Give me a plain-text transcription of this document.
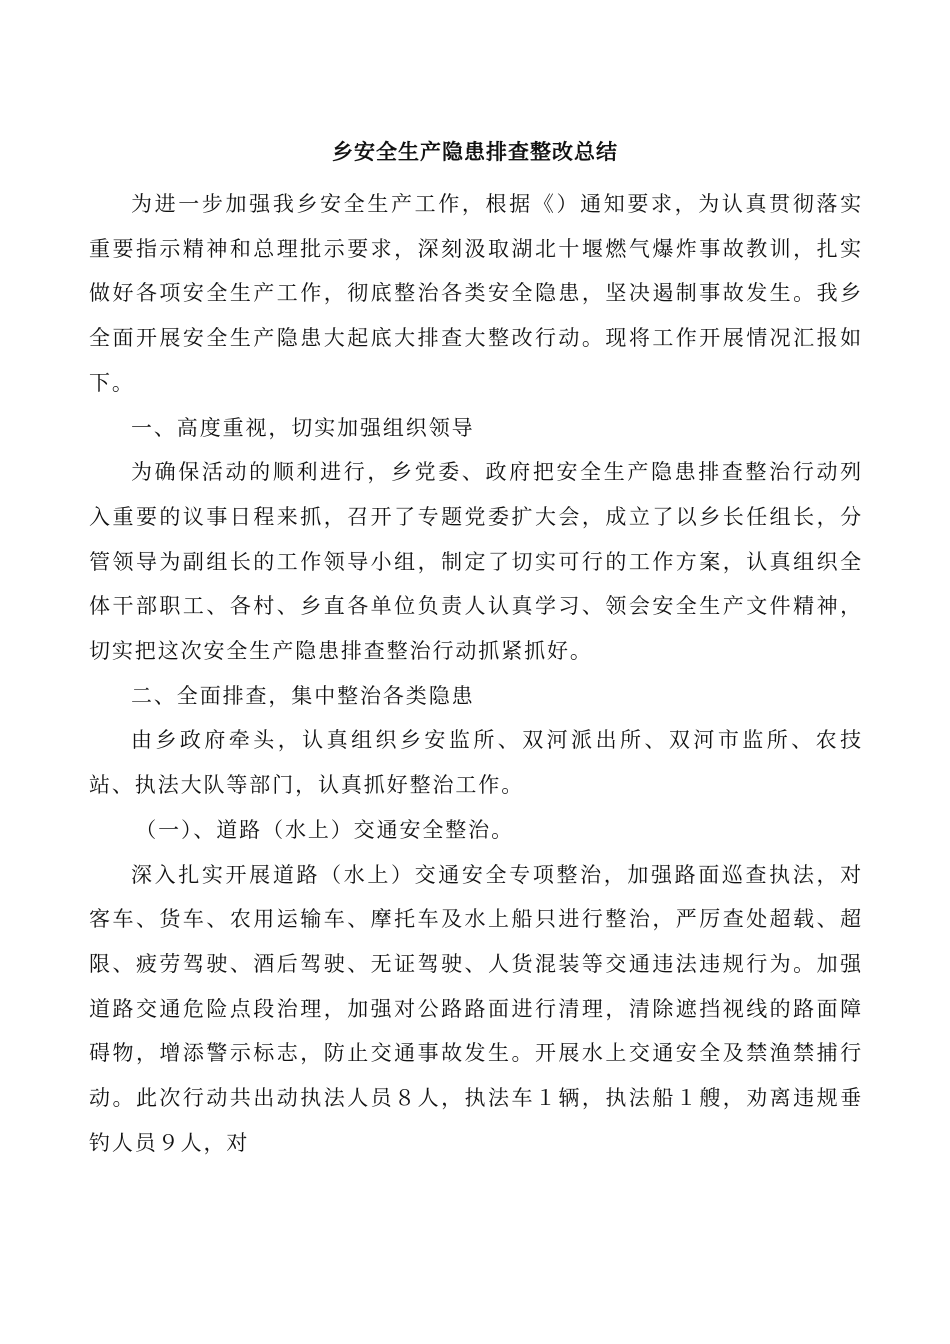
乡安全生产隐患排查整改总结

为进一步加强我乡安全生产工作，根据《）通知要求，为认真贯彻落实重要指示精神和总理批示要求，深刻汲取湖北十堰燃气爆炸事故教训，扎实做好各项安全生产工作，彻底整治各类安全隐患，坚决遏制事故发生。我乡全面开展安全生产隐患大起底大排查大整改行动。现将工作开展情况汇报如下。

一、高度重视，切实加强组织领导

为确保活动的顺利进行，乡党委、政府把安全生产隐患排查整治行动列入重要的议事日程来抓，召开了专题党委扩大会，成立了以乡长任组长，分管领导为副组长的工作领导小组，制定了切实可行的工作方案，认真组织全体干部职工、各村、乡直各单位负责人认真学习、领会安全生产文件精神，切实把这次安全生产隐患排查整治行动抓紧抓好。

二、全面排查，集中整治各类隐患

由乡政府牵头，认真组织乡安监所、双河派出所、双河市监所、农技站、执法大队等部门，认真抓好整治工作。

（一）、道路（水上）交通安全整治。

深入扎实开展道路（水上）交通安全专项整治，加强路面巡查执法，对客车、货车、农用运输车、摩托车及水上船只进行整治，严厉查处超载、超限、疲劳驾驶、酒后驾驶、无证驾驶、人货混装等交通违法违规行为。加强道路交通危险点段治理，加强对公路路面进行清理，清除遮挡视线的路面障碍物，增添警示标志，防止交通事故发生。开展水上交通安全及禁渔禁捕行动。此次行动共出动执法人员８人，执法车１辆，执法船１艘，劝离违规垂钓人员９人，对
